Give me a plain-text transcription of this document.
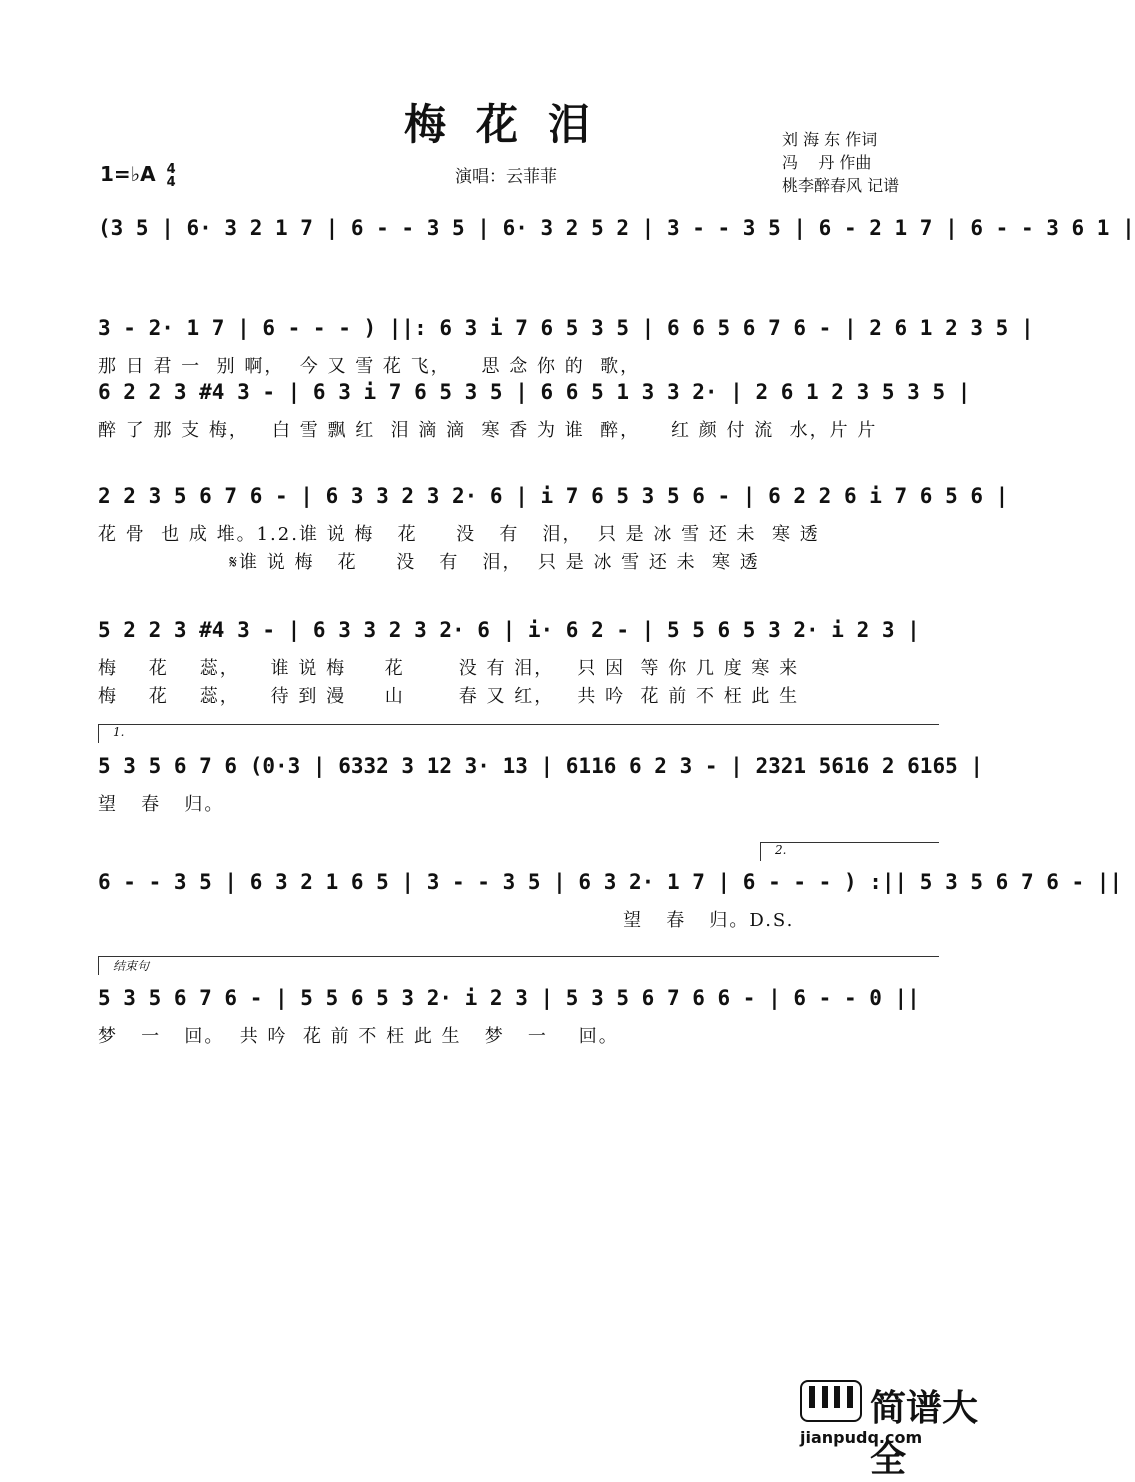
梅花泪	刘 海 东 作词
冯    丹 作曲
桃李醉春风 记谱
1=♭A 4
4	演唱：云菲菲
(3 5 | 6· 3 2 1 7 | 6 - - 3 5 | 6· 3 2 5 2 | 3 - - 3 5 | 6 - 2 1 7 | 6 - - 3 6 1 |
3 - 2· 1 7 | 6 - - - ) ||: 6 3 i 7 6 5 3 5 | 6 6 5 6 7 6 - | 2 6 1 2 3 5 |
那 日 君 一  别 啊，  今 又 雪 花 飞，    思 念 你 的  歌，
6 2 2 3 #4 3 - | 6 3 i 7 6 5 3 5 | 6 6 5 1 3 3 2· | 2 6 1 2 3 5 3 5 |
醉 了 那 支 梅，   白 雪 飘 红  泪 滴 滴  寒 香 为 谁  醉，    红 颜 付 流  水，片 片
2 2 3 5 6 7 6 - | 6 3 3 2 3 2· 6 | i 7 6 5 3 5 6 - | 6 2 2 6 i 7 6 5 6 |
花 骨  也 成 堆。1.2.谁 说 梅   花     没   有   泪，  只 是 冰 雪 还 未  寒 透
𝄋谁 说 梅   花     没   有   泪，  只 是 冰 雪 还 未  寒 透
5 2 2 3 #4 3 - | 6 3 3 2 3 2· 6 | i· 6 2 - | 5 5 6 5 3 2· i 2 3 |
梅    花    蕊，    谁 说 梅     花       没 有 泪，   只 因  等 你 几 度 寒 来
梅    花    蕊，    待 到 漫     山       春 又 红，   共 吟  花 前 不 枉 此 生
1.
5 3 5 6 7 6 (0·3 | 6332 3 12 3· 13 | 6116 6 2 3 - | 2321 5616 2 6165 |
望   春   归。
2.
6 - - 3 5 | 6 3 2 1 6 5 | 3 - - 3 5 | 6 3 2· 1 7 | 6 - - - ) :|| 5 3 5 6 7 6 - ||
望   春   归。D.S.
结束句
5 3 5 6 7 6 - | 5 5 6 5 3 2· i 2 3 | 5 3 5 6 7 6 6 - | 6 - - 0 ||
梦   一   回。  共 吟  花 前 不 枉 此 生   梦   一    回。
简谱大全
jianpudq.com
